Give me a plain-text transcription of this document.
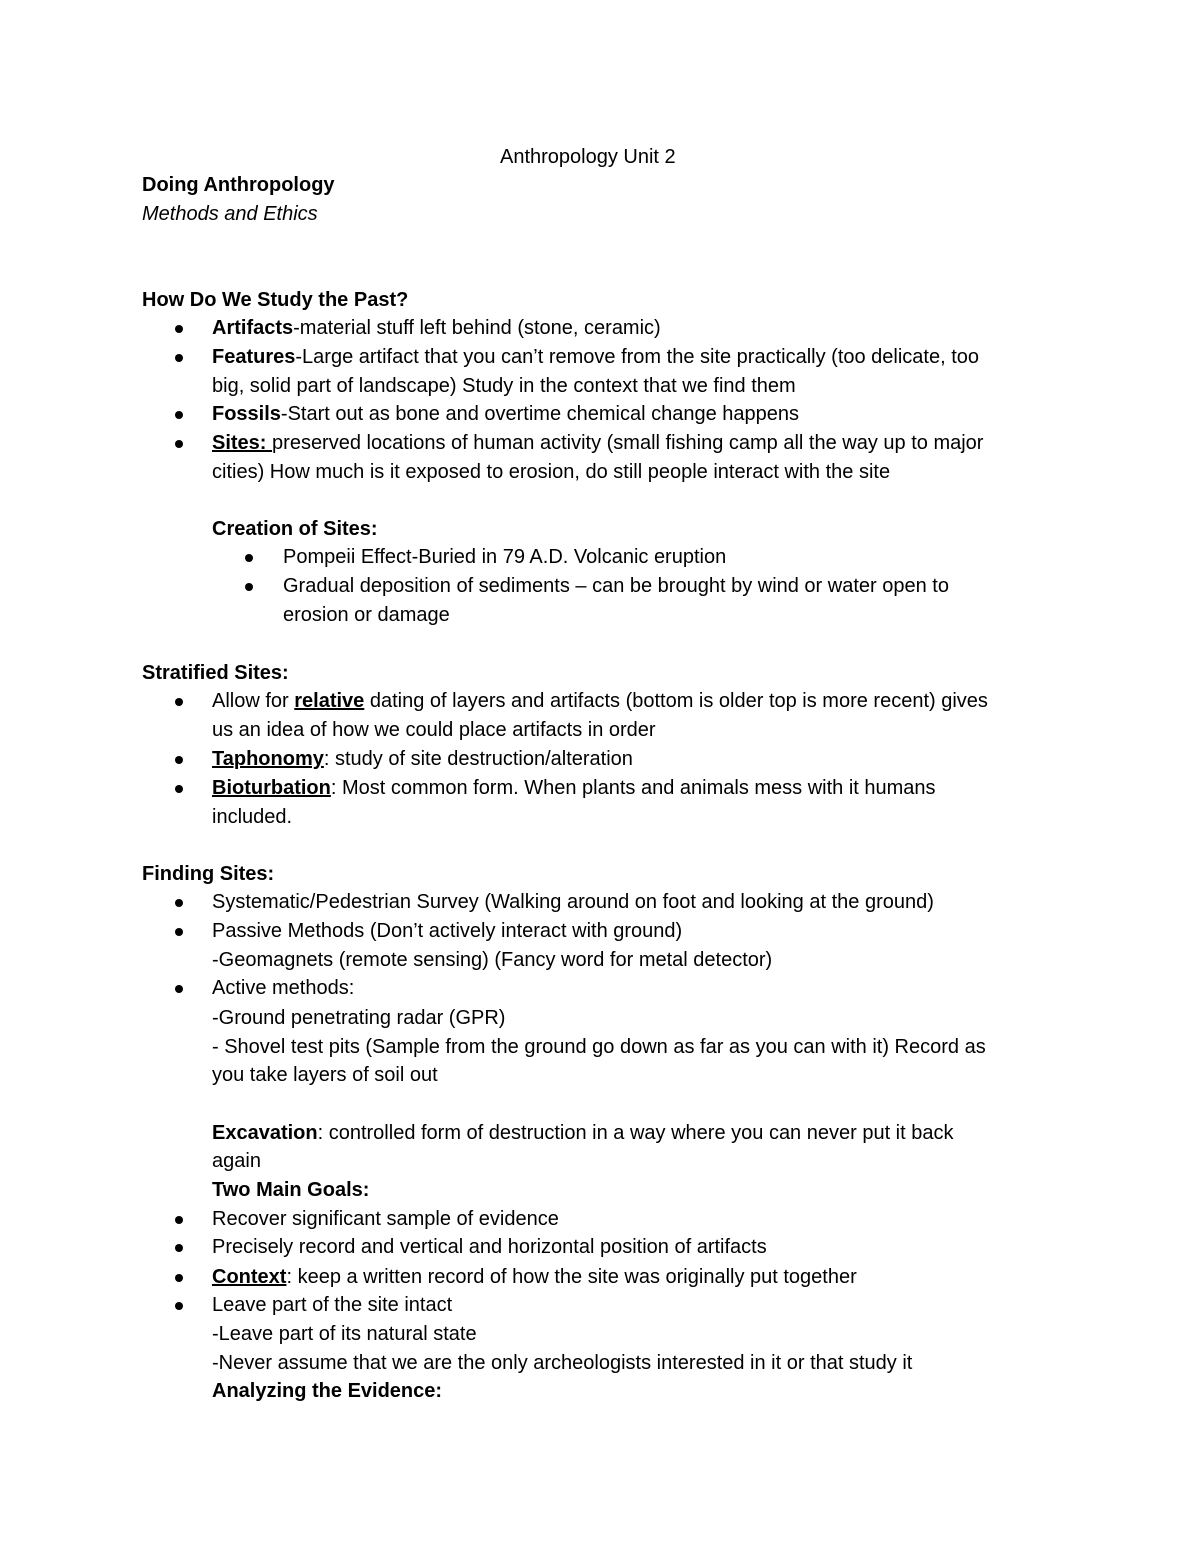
Anthropology Unit 2
Doing Anthropology
Methods and Ethics
How Do We Study the Past?
Artifacts-material stuff left behind (stone, ceramic)
Features-Large artifact that you can’t remove from the site practically (too delicate, too
big, solid part of landscape) Study in the context that we find them
Fossils-Start out as bone and overtime chemical change happens
Sites: preserved locations of human activity (small fishing camp all the way up to major
cities) How much is it exposed to erosion, do still people interact with the site
Creation of Sites:
Pompeii Effect-Buried in 79 A.D. Volcanic eruption
Gradual deposition of sediments – can be brought by wind or water open to
erosion or damage
Stratified Sites:
Allow for relative dating of layers and artifacts (bottom is older top is more recent) gives
us an idea of how we could place artifacts in order
Taphonomy: study of site destruction/alteration
Bioturbation: Most common form. When plants and animals mess with it humans
included.
Finding Sites:
Systematic/Pedestrian Survey (Walking around on foot and looking at the ground)
Passive Methods (Don’t actively interact with ground)
-Geomagnets (remote sensing) (Fancy word for metal detector)
Active methods:
-Ground penetrating radar (GPR)
- Shovel test pits (Sample from the ground go down as far as you can with it) Record as
you take layers of soil out
Excavation: controlled form of destruction in a way where you can never put it back
again
Two Main Goals:
Recover significant sample of evidence
Precisely record and vertical and horizontal position of artifacts
Context: keep a written record of how the site was originally put together
Leave part of the site intact
-Leave part of its natural state
-Never assume that we are the only archeologists interested in it or that study it
Analyzing the Evidence:
